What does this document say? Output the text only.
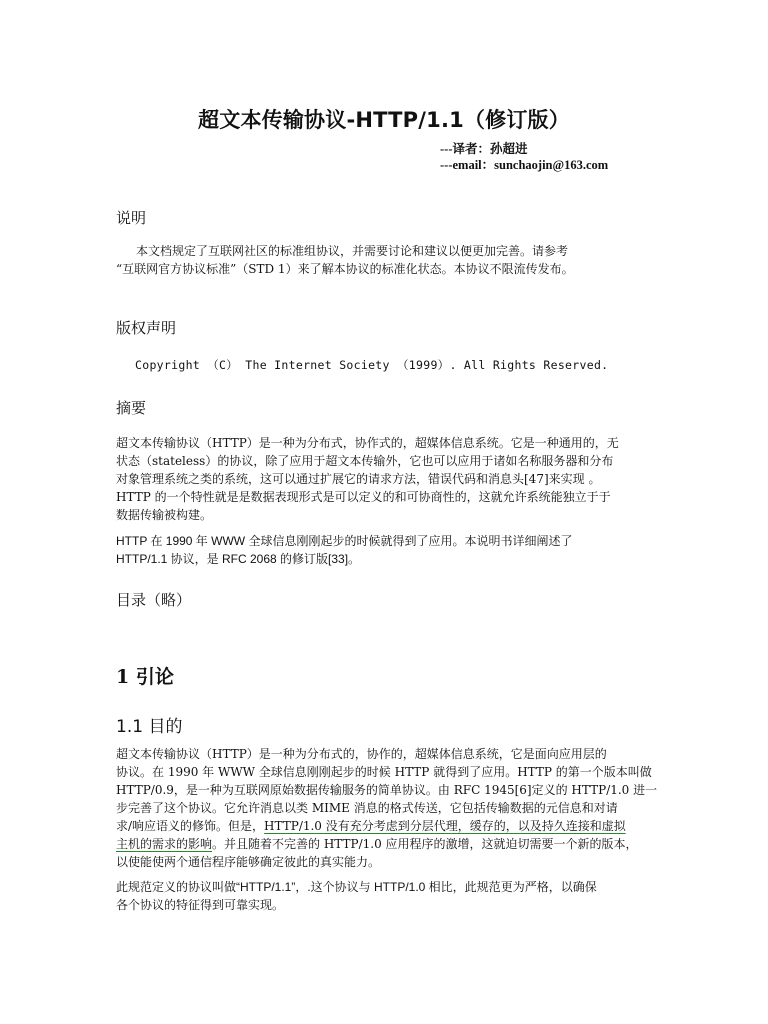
超文本传输协议-HTTP/1.1（修订版）
---译者：孙超进
---email：sunchaojin@163.com
说明
本文档规定了互联网社区的标准组协议，并需要讨论和建议以便更加完善。请参考
“互联网官方协议标准”（STD 1）来了解本协议的标准化状态。本协议不限流传发布。
版权声明
Copyright （C） The Internet Society （1999）. All Rights Reserved.
摘要
超文本传输协议（HTTP）是一种为分布式，协作式的，超媒体信息系统。它是一种通用的，无
状态（stateless）的协议，除了应用于超文本传输外，它也可以应用于诸如名称服务器和分布
对象管理系统之类的系统，这可以通过扩展它的请求方法，错误代码和消息头[47]来实现 。
HTTP 的一个特性就是是数据表现形式是可以定义的和可协商性的，这就允许系统能独立于于
数据传输被构建。
HTTP 在 1990 年 WWW 全球信息刚刚起步的时候就得到了应用。本说明书详细阐述了
HTTP/1.1 协议，是 RFC 2068 的修订版[33]。
目录（略）
1 引论
1.1 目的
超文本传输协议（HTTP）是一种为分布式的，协作的，超媒体信息系统，它是面向应用层的
协议。在 1990 年 WWW 全球信息刚刚起步的时候 HTTP 就得到了应用。HTTP 的第一个版本叫做
HTTP/0.9，是一种为互联网原始数据传输服务的简单协议。由 RFC 1945[6]定义的 HTTP/1.0 进一
步完善了这个协议。它允许消息以类 MIME 消息的格式传送，它包括传输数据的元信息和对请
求/响应语义的修饰。但是，HTTP/1.0 没有充分考虑到分层代理，缓存的，以及持久连接和虚拟
主机的需求的影响。并且随着不完善的 HTTP/1.0 应用程序的激增，这就迫切需要一个新的版本，
以使能使两个通信程序能够确定彼此的真实能力。
此规范定义的协议叫做“HTTP/1.1”，.这个协议与 HTTP/1.0 相比，此规范更为严格，以确保
各个协议的特征得到可靠实现。
